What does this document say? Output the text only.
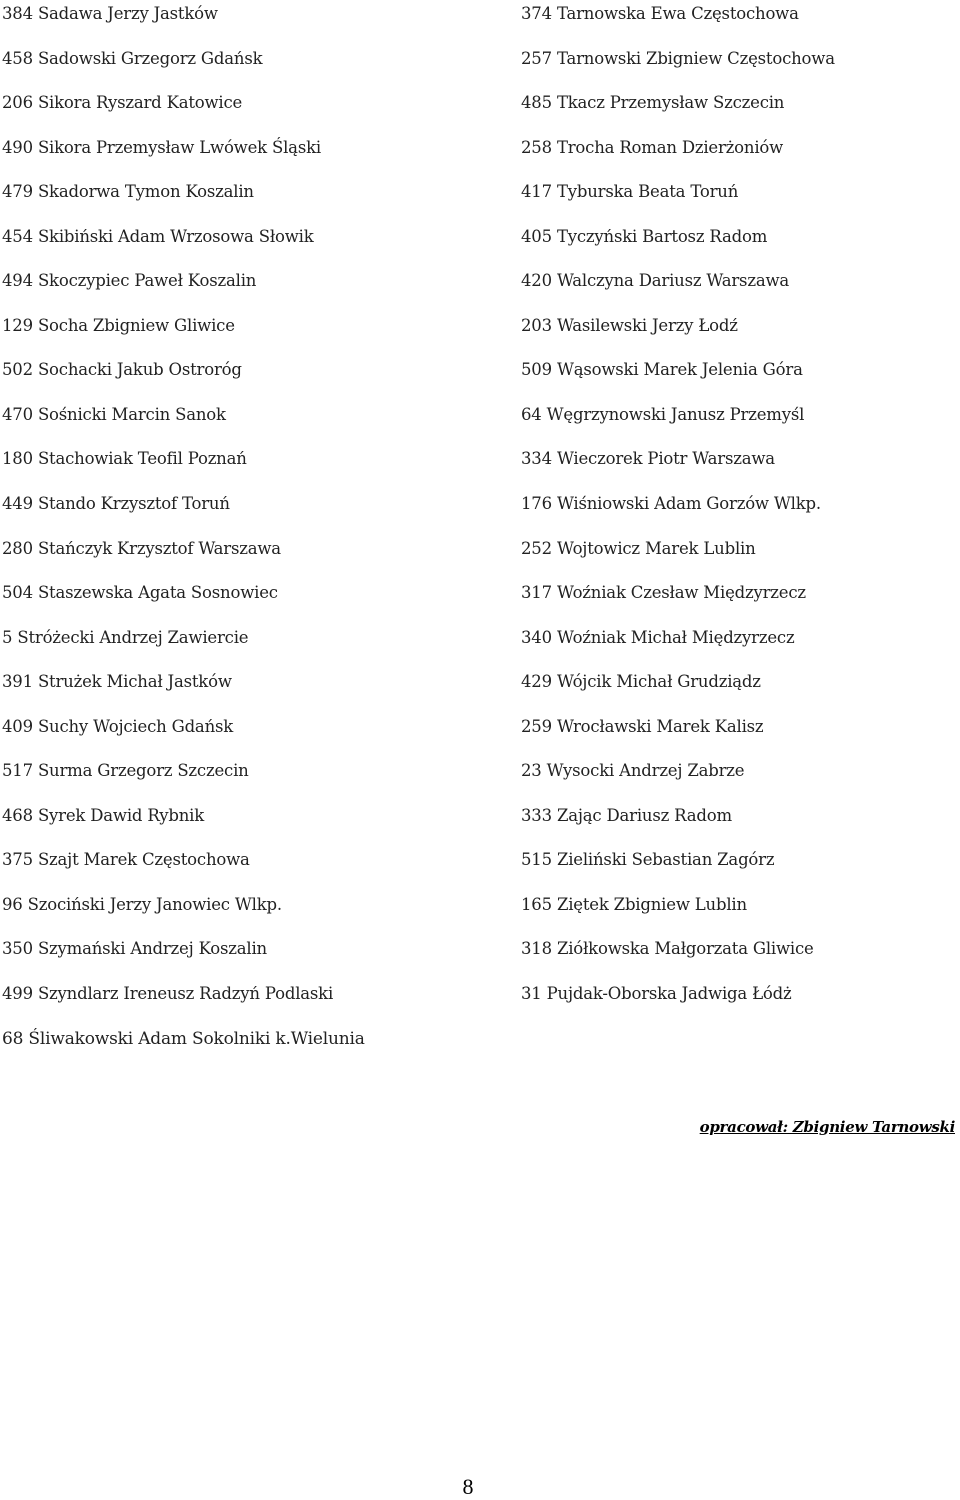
384 Sadawa Jerzy Jastków
458 Sadowski Grzegorz Gdańsk
206 Sikora Ryszard Katowice
490 Sikora Przemysław Lwówek Śląski
479 Skadorwa Tymon Koszalin
454 Skibiński Adam Wrzosowa Słowik
494 Skoczypiec Paweł Koszalin
129 Socha Zbigniew Gliwice
502 Sochacki Jakub Ostroróg
470 Sośnicki Marcin Sanok
180 Stachowiak Teofil Poznań
449 Stando Krzysztof Toruń
280 Stańczyk Krzysztof Warszawa
504 Staszewska Agata Sosnowiec
5 Stróżecki Andrzej Zawiercie
391 Strużek Michał Jastków
409 Suchy Wojciech Gdańsk
517 Surma Grzegorz Szczecin
468 Syrek Dawid Rybnik
375 Szajt Marek Częstochowa
96 Szociński Jerzy Janowiec Wlkp.
350 Szymański Andrzej Koszalin
499 Szyndlarz Ireneusz Radzyń Podlaski
68 Śliwakowski Adam Sokolniki k.Wielunia
374 Tarnowska Ewa Częstochowa
257 Tarnowski Zbigniew Częstochowa
485 Tkacz Przemysław Szczecin
258 Trocha Roman Dzierżoniów
417 Tyburska Beata Toruń
405 Tyczyński Bartosz Radom
420 Walczyna Dariusz Warszawa
203 Wasilewski Jerzy Łodź
509 Wąsowski Marek Jelenia Góra
64 Węgrzynowski Janusz Przemyśl
334 Wieczorek Piotr Warszawa
176 Wiśniowski Adam Gorzów Wlkp.
252 Wojtowicz Marek Lublin
317 Woźniak Czesław Międzyrzecz
340 Woźniak Michał Międzyrzecz
429 Wójcik Michał Grudziądz
259 Wrocławski Marek Kalisz
23 Wysocki Andrzej Zabrze
333 Zając Dariusz Radom
515 Zieliński Sebastian Zagórz
165 Ziętek Zbigniew Lublin
318 Ziółkowska Małgorzata Gliwice
31 Pujdak-Oborska Jadwiga Łódż
opracował: Zbigniew Tarnowski
8
